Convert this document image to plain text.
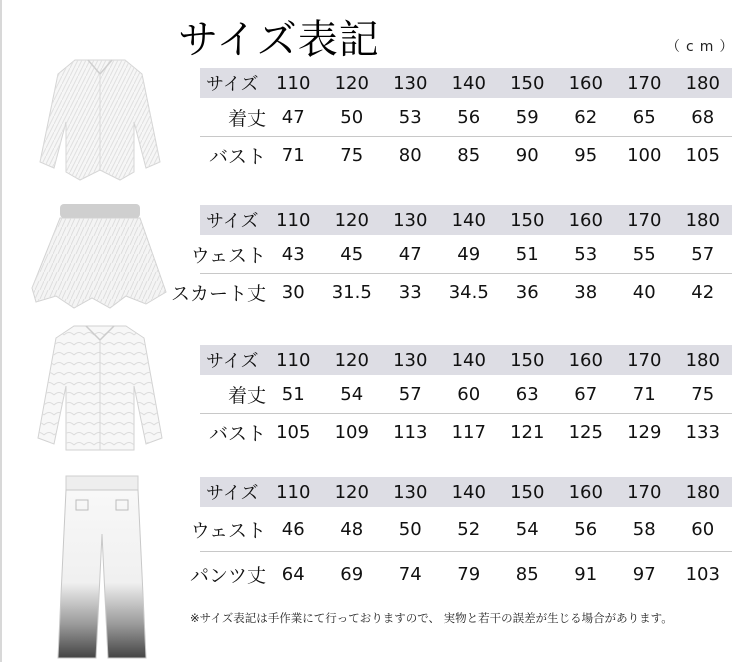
サイズ表記	（cm）
サイズ 110	120	130	140	150	160	170	180
着丈 47	50	53	56	59	62	65	68
バスト 71	75	80	85	90	95	100	105
サイズ 110	120	130	140	150	160	170	180
ウェスト 43	45	47	49	51	53	55	57
スカート丈 30	31.5	33	34.5	36	38	40	42
サイズ 110	120	130	140	150	160	170	180
着丈 51	54	57	60	63	67	71	75
バスト 105	109	113	117	121	125	129	133
サイズ 110	120	130	140	150	160	170	180
ウェスト 46	48	50	52	54	56	58	60
パンツ丈 64	69	74	79	85	91	97	103
※サイズ表記は手作業にて行っておりますので、 実物と若干の誤差が生じる場合があります。
